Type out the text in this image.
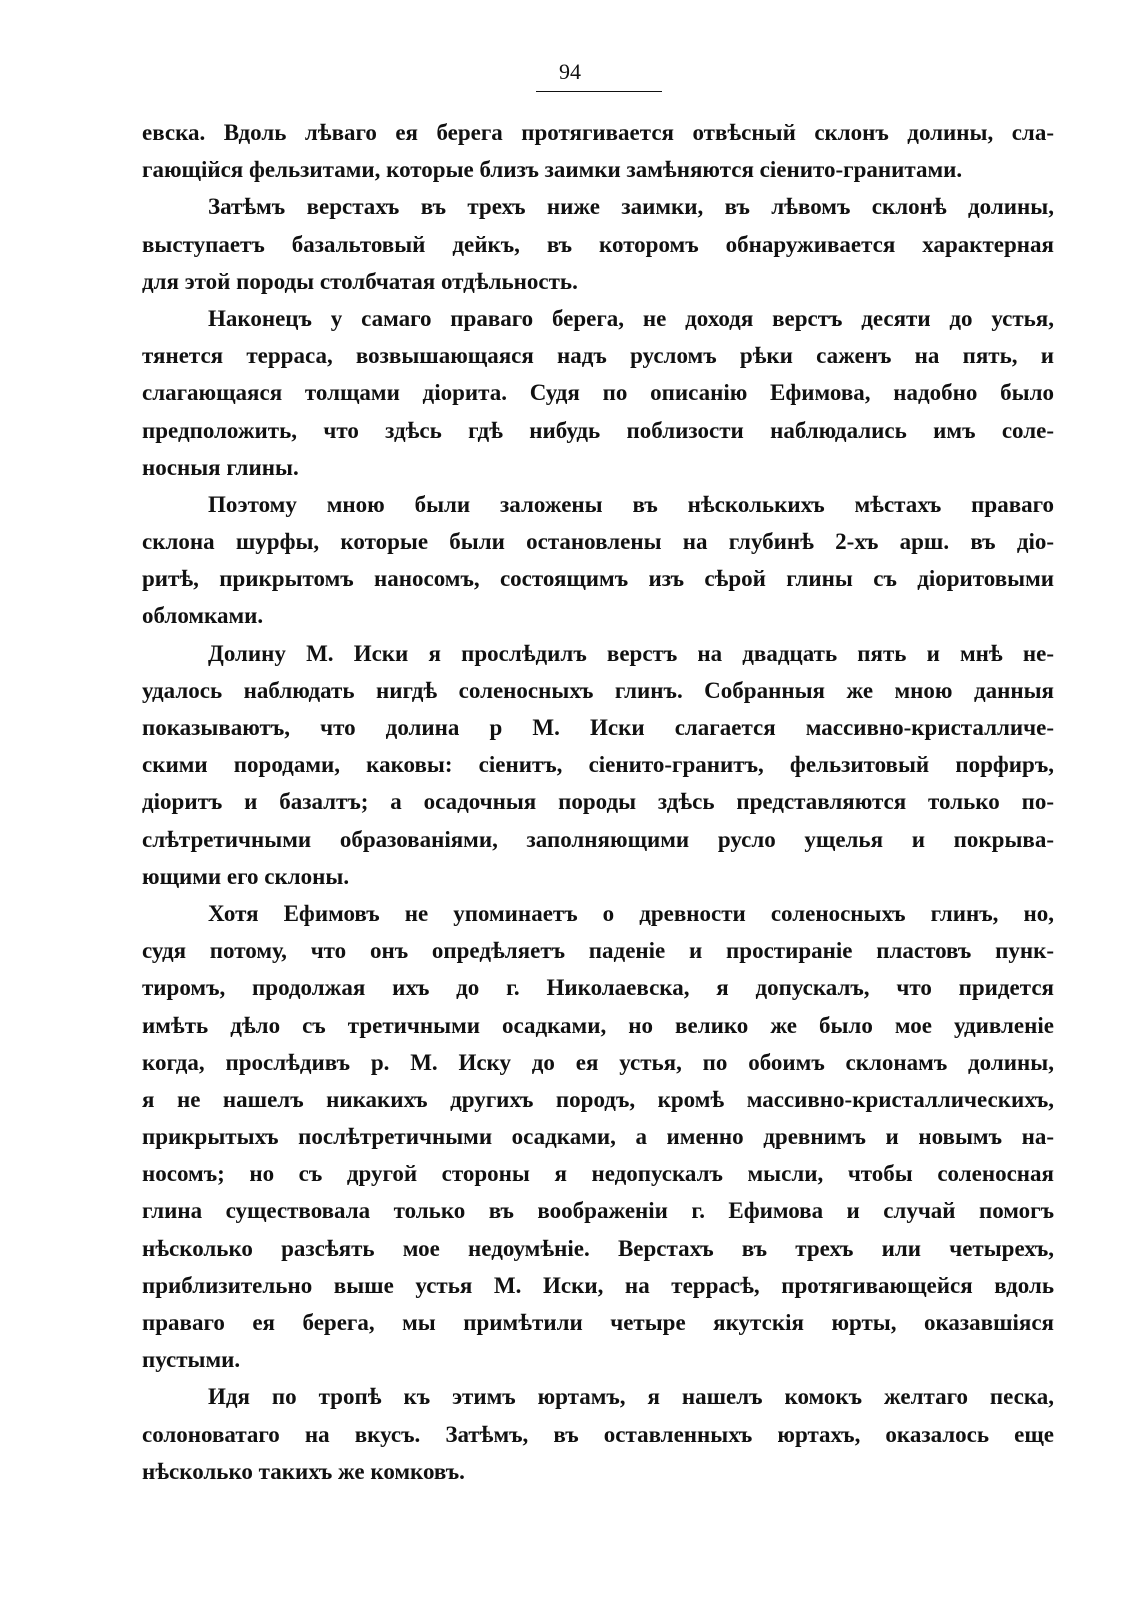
94
евска. Вдоль лѣваго ея берега протягивается отвѣсный склонъ долины, сла-
гающiйся фельзитами, которые близъ заимки замѣняются сiенито-гранитами.
Затѣмъ верстахъ въ трехъ ниже заимки, въ лѣвомъ склонѣ долины,
выступаетъ базальтовый дейкъ, въ которомъ обнаруживается характерная
для этой породы столбчатая отдѣльность.
Наконецъ у самаго праваго берега, не доходя верстъ десяти до устья,
тянется терраса, возвышающаяся надъ русломъ рѣки саженъ на пять, и
слагающаяся толщами дiорита. Судя по описанiю Ефимова, надобно было
предположить, что здѣсь гдѣ нибудь поблизости наблюдались имъ соле-
носныя глины.
Поэтому мною были заложены въ нѣсколькихъ мѣстахъ праваго
склона шурфы, которые были остановлены на глубинѣ 2-хъ арш. въ дiо-
ритѣ, прикрытомъ наносомъ, состоящимъ изъ сѣрой глины съ дiоритовыми
обломками.
Долину М. Иски я прослѣдилъ верстъ на двадцать пять и мнѣ не-
удалось наблюдать нигдѣ соленосныхъ глинъ. Собранныя же мною данныя
показываютъ, что долина р М. Иски слагается массивно-кристалличе-
скими породами, каковы: сiенитъ, сiенито-гранитъ, фельзитовый порфиръ,
дiоритъ и базалтъ; а осадочныя породы здѣсь представляются только по-
слѣтретичными образованiями, заполняющими русло ущелья и покрыва-
ющими его склоны.
Хотя Ефимовъ не упоминаетъ о древности соленосныхъ глинъ, но,
судя потому, что онъ опредѣляетъ паденiе и простиранiе пластовъ пунк-
тиромъ, продолжая ихъ до г. Николаевска, я допускалъ, что придется
имѣть дѣло съ третичными осадками, но велико же было мое удивленiе
когда, прослѣдивъ р. М. Иску до ея устья, по обоимъ склонамъ долины,
я не нашелъ никакихъ другихъ породъ, кромѣ массивно-кристаллическихъ,
прикрытыхъ послѣтретичными осадками, а именно древнимъ и новымъ на-
носомъ; но съ другой стороны я недопускалъ мысли, чтобы соленосная
глина существовала только въ воображенiи г. Ефимова и случай помогъ
нѣсколько разсѣять мое недоумѣнiе. Верстахъ въ трехъ или четырехъ,
приблизительно выше устья М. Иски, на террасѣ, протягивающейся вдоль
праваго ея берега, мы примѣтили четыре якутскiя юрты, оказавшiяся
пустыми.
Идя по тропѣ къ этимъ юртамъ, я нашелъ комокъ желтаго песка,
солоноватаго на вкусъ. Затѣмъ, въ оставленныхъ юртахъ, оказалось еще
нѣсколько такихъ же комковъ.
